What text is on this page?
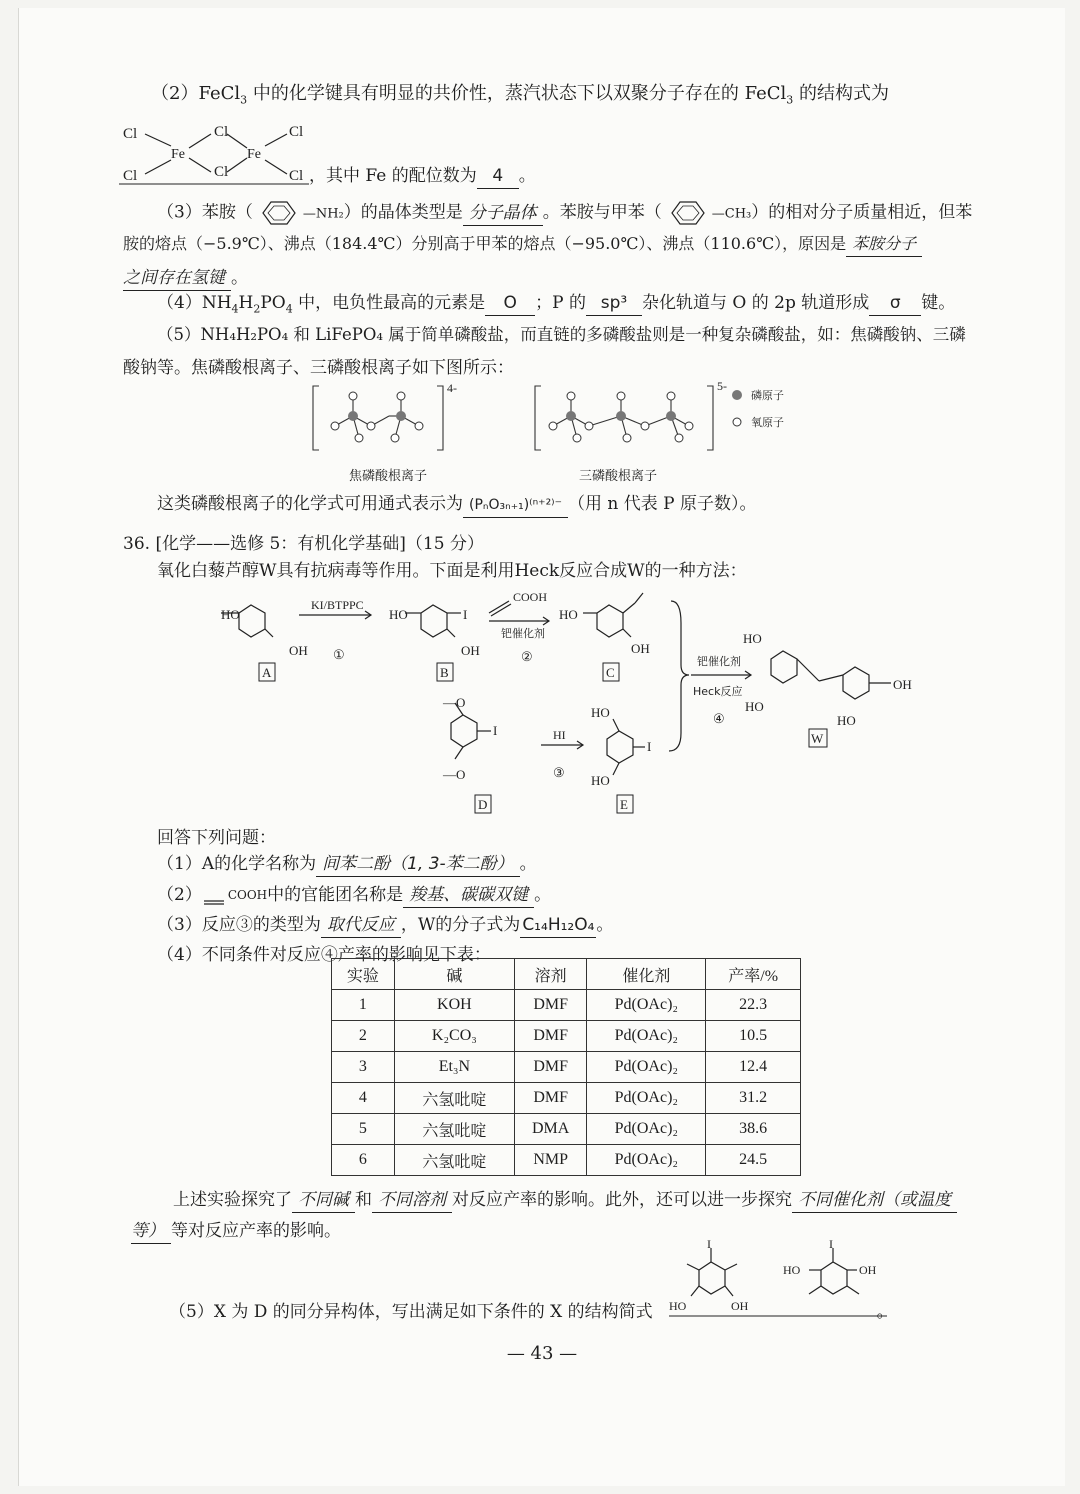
（2）FeCl$_3$ 中的化学键具有明显的共价性，蒸汽状态下以双聚分子存在的 FeCl$_3$ 的结构式为
Cl
Cl
Cl
Cl
Cl
Cl
Fe	Fe
，其中 Fe 的配位数为 4 。
（3）苯胺（	—NH₂）的晶体类型是 分子晶体 。苯胺与甲苯（	—CH₃）的相对分子质量相近，但苯
胺的熔点（−5.9℃）、沸点（184.4℃）分别高于甲苯的熔点（−95.0℃）、沸点（110.6℃），原因是 苯胺分子
之间存在氢键 。
$(4)NH_4H_2PO_4$ 中，电负性最高的元素是 O ；P 的 sp³ 杂化轨道与 O 的 2p 轨道形成 σ 键。
（5）NH₄H₂PO₄ 和 LiFePO₄ 属于简单磷酸盐，而直链的多磷酸盐则是一种复杂磷酸盐，如：焦磷酸钠、三磷
酸钠等。焦磷酸根离子、三磷酸根离子如下图所示：
4-	5-
磷原子
氧原子
焦磷酸根离子	三磷酸根离子
这类磷酸根离子的化学式可用通式表示为 (PₙO₃ₙ₊₁)⁽ⁿ⁺²⁾⁻ （用 n 代表 P 原子数）。
36. [化学——选修 5：有机化学基础]（15 分）
氧化白藜芦醇W具有抗病毒等作用。下面是利用Heck反应合成W的一种方法：
HO
OH
KI/BTPPC
①
A
HO	I
OH
B
COOH
钯催化剂
②
HO
OH
C
钯催化剂
Heck反应
④
HO
HO
OH
HO
W
—O
—O
I
D
HI
③
HO
HO
I
E
回答下列问题：
（1）A的化学名称为 间苯二酚（1, 3-苯二酚） 。
（2） $^{COOH}$中的官能团名称是 羧基、碳碳双键 。
（3）反应③的类型为 取代反应 ，W的分子式为 C₁₄H₁₂O₄ 。
（4）不同条件对反应④产率的影响见下表：
实验	碱	溶剂	催化剂	产率/%
1	KOH	DMF	Pd(OAc)₂	22.3
2	K₂CO₃	DMF	Pd(OAc)₂	10.5
3	Et₃N	DMF	Pd(OAc)₂	12.4
4	六氢吡啶	DMF	Pd(OAc)₂	31.2
5	六氢吡啶	DMA	Pd(OAc)₂	38.6
6	六氢吡啶	NMP	Pd(OAc)₂	24.5
上述实验探究了 不同碱 和 不同溶剂 对反应产率的影响。此外，还可以进一步探究 不同催化剂（或温度
等） 等对反应产率的影响。
I	I
HO	OH
HO	OH
（5）X 为 D 的同分异构体，写出满足如下条件的 X 的结构简式	。
— 43 —
